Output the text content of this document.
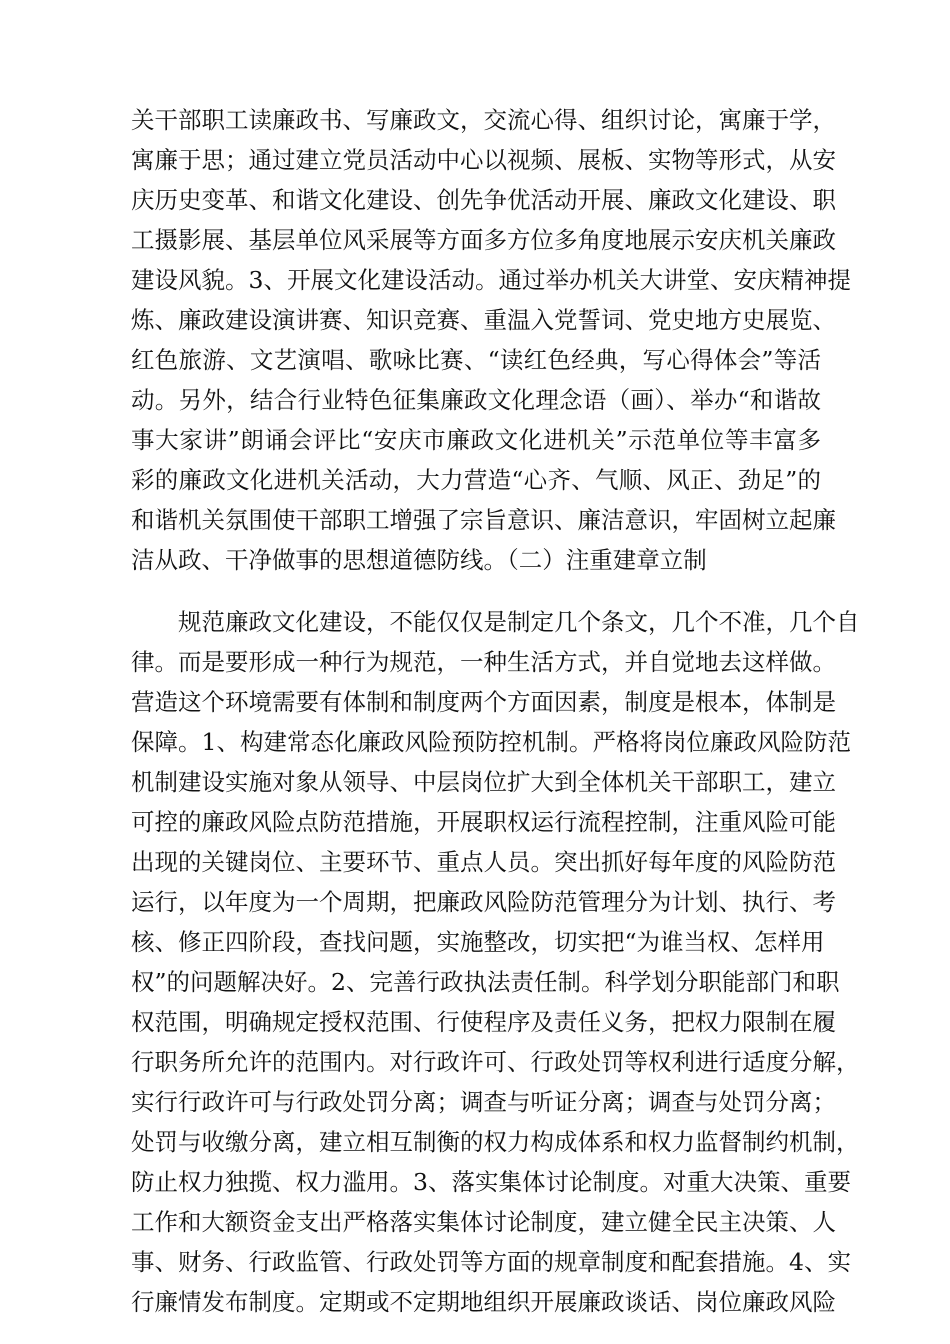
关干部职工读廉政书、写廉政文，交流心得、组织讨论，寓廉于学，
寓廉于思；通过建立党员活动中心以视频、展板、实物等形式，从安
庆历史变革、和谐文化建设、创先争优活动开展、廉政文化建设、职
工摄影展、基层单位风采展等方面多方位多角度地展示安庆机关廉政
建设风貌。3、开展文化建设活动。通过举办机关大讲堂、安庆精神提
炼、廉政建设演讲赛、知识竞赛、重温入党誓词、党史地方史展览、
红色旅游、文艺演唱、歌咏比赛、“读红色经典，写心得体会”等活
动。另外，结合行业特色征集廉政文化理念语（画）、举办“和谐故
事大家讲”朗诵会评比“安庆市廉政文化进机关”示范单位等丰富多
彩的廉政文化进机关活动，大力营造“心齐、气顺、风正、劲足”的
和谐机关氛围使干部职工增强了宗旨意识、廉洁意识，牢固树立起廉
洁从政、干净做事的思想道德防线。（二）注重建章立制
规范廉政文化建设，不能仅仅是制定几个条文，几个不准，几个自
律。而是要形成一种行为规范，一种生活方式，并自觉地去这样做。
营造这个环境需要有体制和制度两个方面因素，制度是根本，体制是
保障。1、构建常态化廉政风险预防控机制。严格将岗位廉政风险防范
机制建设实施对象从领导、中层岗位扩大到全体机关干部职工，建立
可控的廉政风险点防范措施，开展职权运行流程控制，注重风险可能
出现的关键岗位、主要环节、重点人员。突出抓好每年度的风险防范
运行，以年度为一个周期，把廉政风险防范管理分为计划、执行、考
核、修正四阶段，查找问题，实施整改，切实把“为谁当权、怎样用
权”的问题解决好。2、完善行政执法责任制。科学划分职能部门和职
权范围，明确规定授权范围、行使程序及责任义务，把权力限制在履
行职务所允许的范围内。对行政许可、行政处罚等权利进行适度分解，
实行行政许可与行政处罚分离；调查与听证分离；调查与处罚分离；
处罚与收缴分离，建立相互制衡的权力构成体系和权力监督制约机制，
防止权力独揽、权力滥用。3、落实集体讨论制度。对重大决策、重要
工作和大额资金支出严格落实集体讨论制度，建立健全民主决策、人
事、财务、行政监管、行政处罚等方面的规章制度和配套措施。4、实
行廉情发布制度。定期或不定期地组织开展廉政谈话、岗位廉政风险
